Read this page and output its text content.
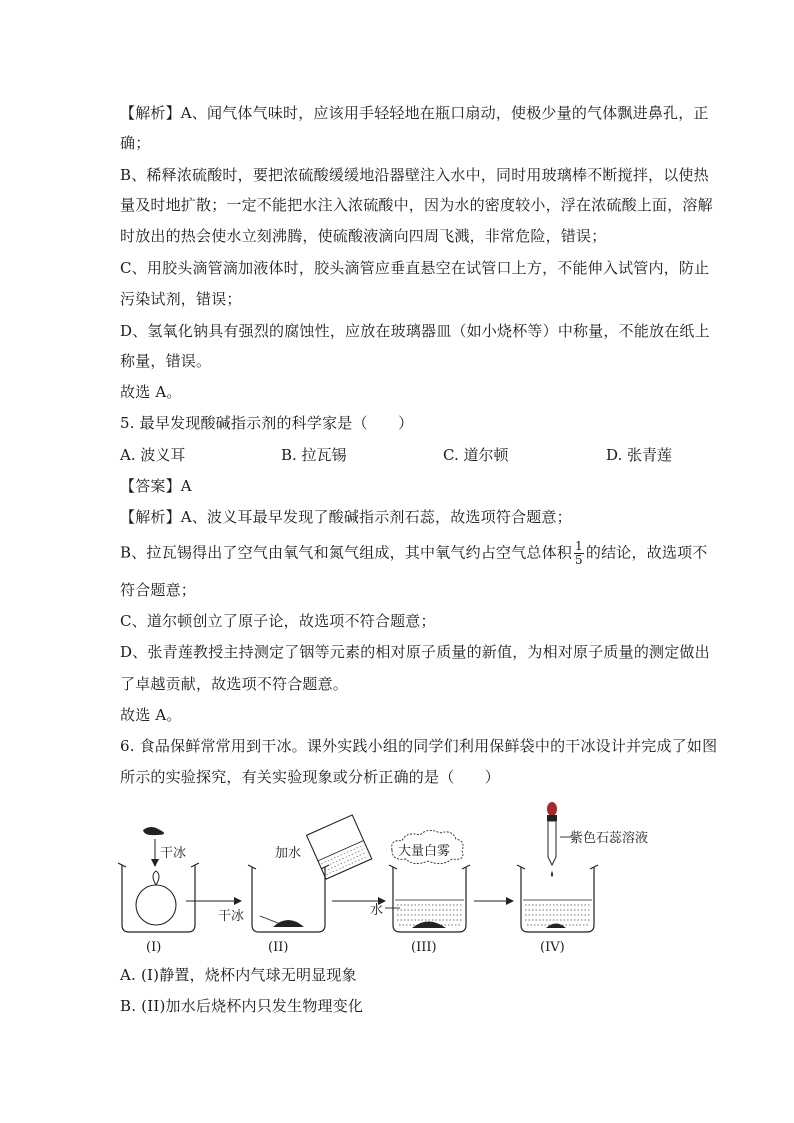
【解析】A、闻气体气味时，应该用手轻轻地在瓶口扇动，使极少量的气体飘进鼻孔，正
确；
B、稀释浓硫酸时，要把浓硫酸缓缓地沿器壁注入水中，同时用玻璃棒不断搅拌，以使热
量及时地扩散；一定不能把水注入浓硫酸中，因为水的密度较小，浮在浓硫酸上面，溶解
时放出的热会使水立刻沸腾，使硫酸液滴向四周飞溅，非常危险，错误；
C、用胶头滴管滴加液体时，胶头滴管应垂直悬空在试管口上方，不能伸入试管内，防止
污染试剂，错误；
D、氢氧化钠具有强烈的腐蚀性，应放在玻璃器皿（如小烧杯等）中称量，不能放在纸上
称量，错误。
故选 A。
5. 最早发现酸碱指示剂的科学家是（　　）
A. 波义耳	B. 拉瓦锡	C. 道尔顿	D. 张青莲
【答案】A
【解析】A、波义耳最早发现了酸碱指示剂石蕊，故选项符合题意；
B、拉瓦锡得出了空气由氧气和氮气组成，其中氧气约占空气总体积 $\frac{1}{5}$ 的结论，故选项不
符合题意；
C、道尔顿创立了原子论，故选项不符合题意；
D、张青莲教授主持测定了铟等元素的相对原子质量的新值，为相对原子质量的测定做出
了卓越贡献，故选项不符合题意。
故选 A。
6. 食品保鲜常常用到干冰。课外实践小组的同学们利用保鲜袋中的干冰设计并完成了如图
所示的实验探究，有关实验现象或分析正确的是（　　）
干冰
(I)
加水
干冰
大量白雾
水
(III)
紫色石蕊溶液
(IV)
(II)
A. (I)静置，烧杯内气球无明显现象
B. (II)加水后烧杯内只发生物理变化
